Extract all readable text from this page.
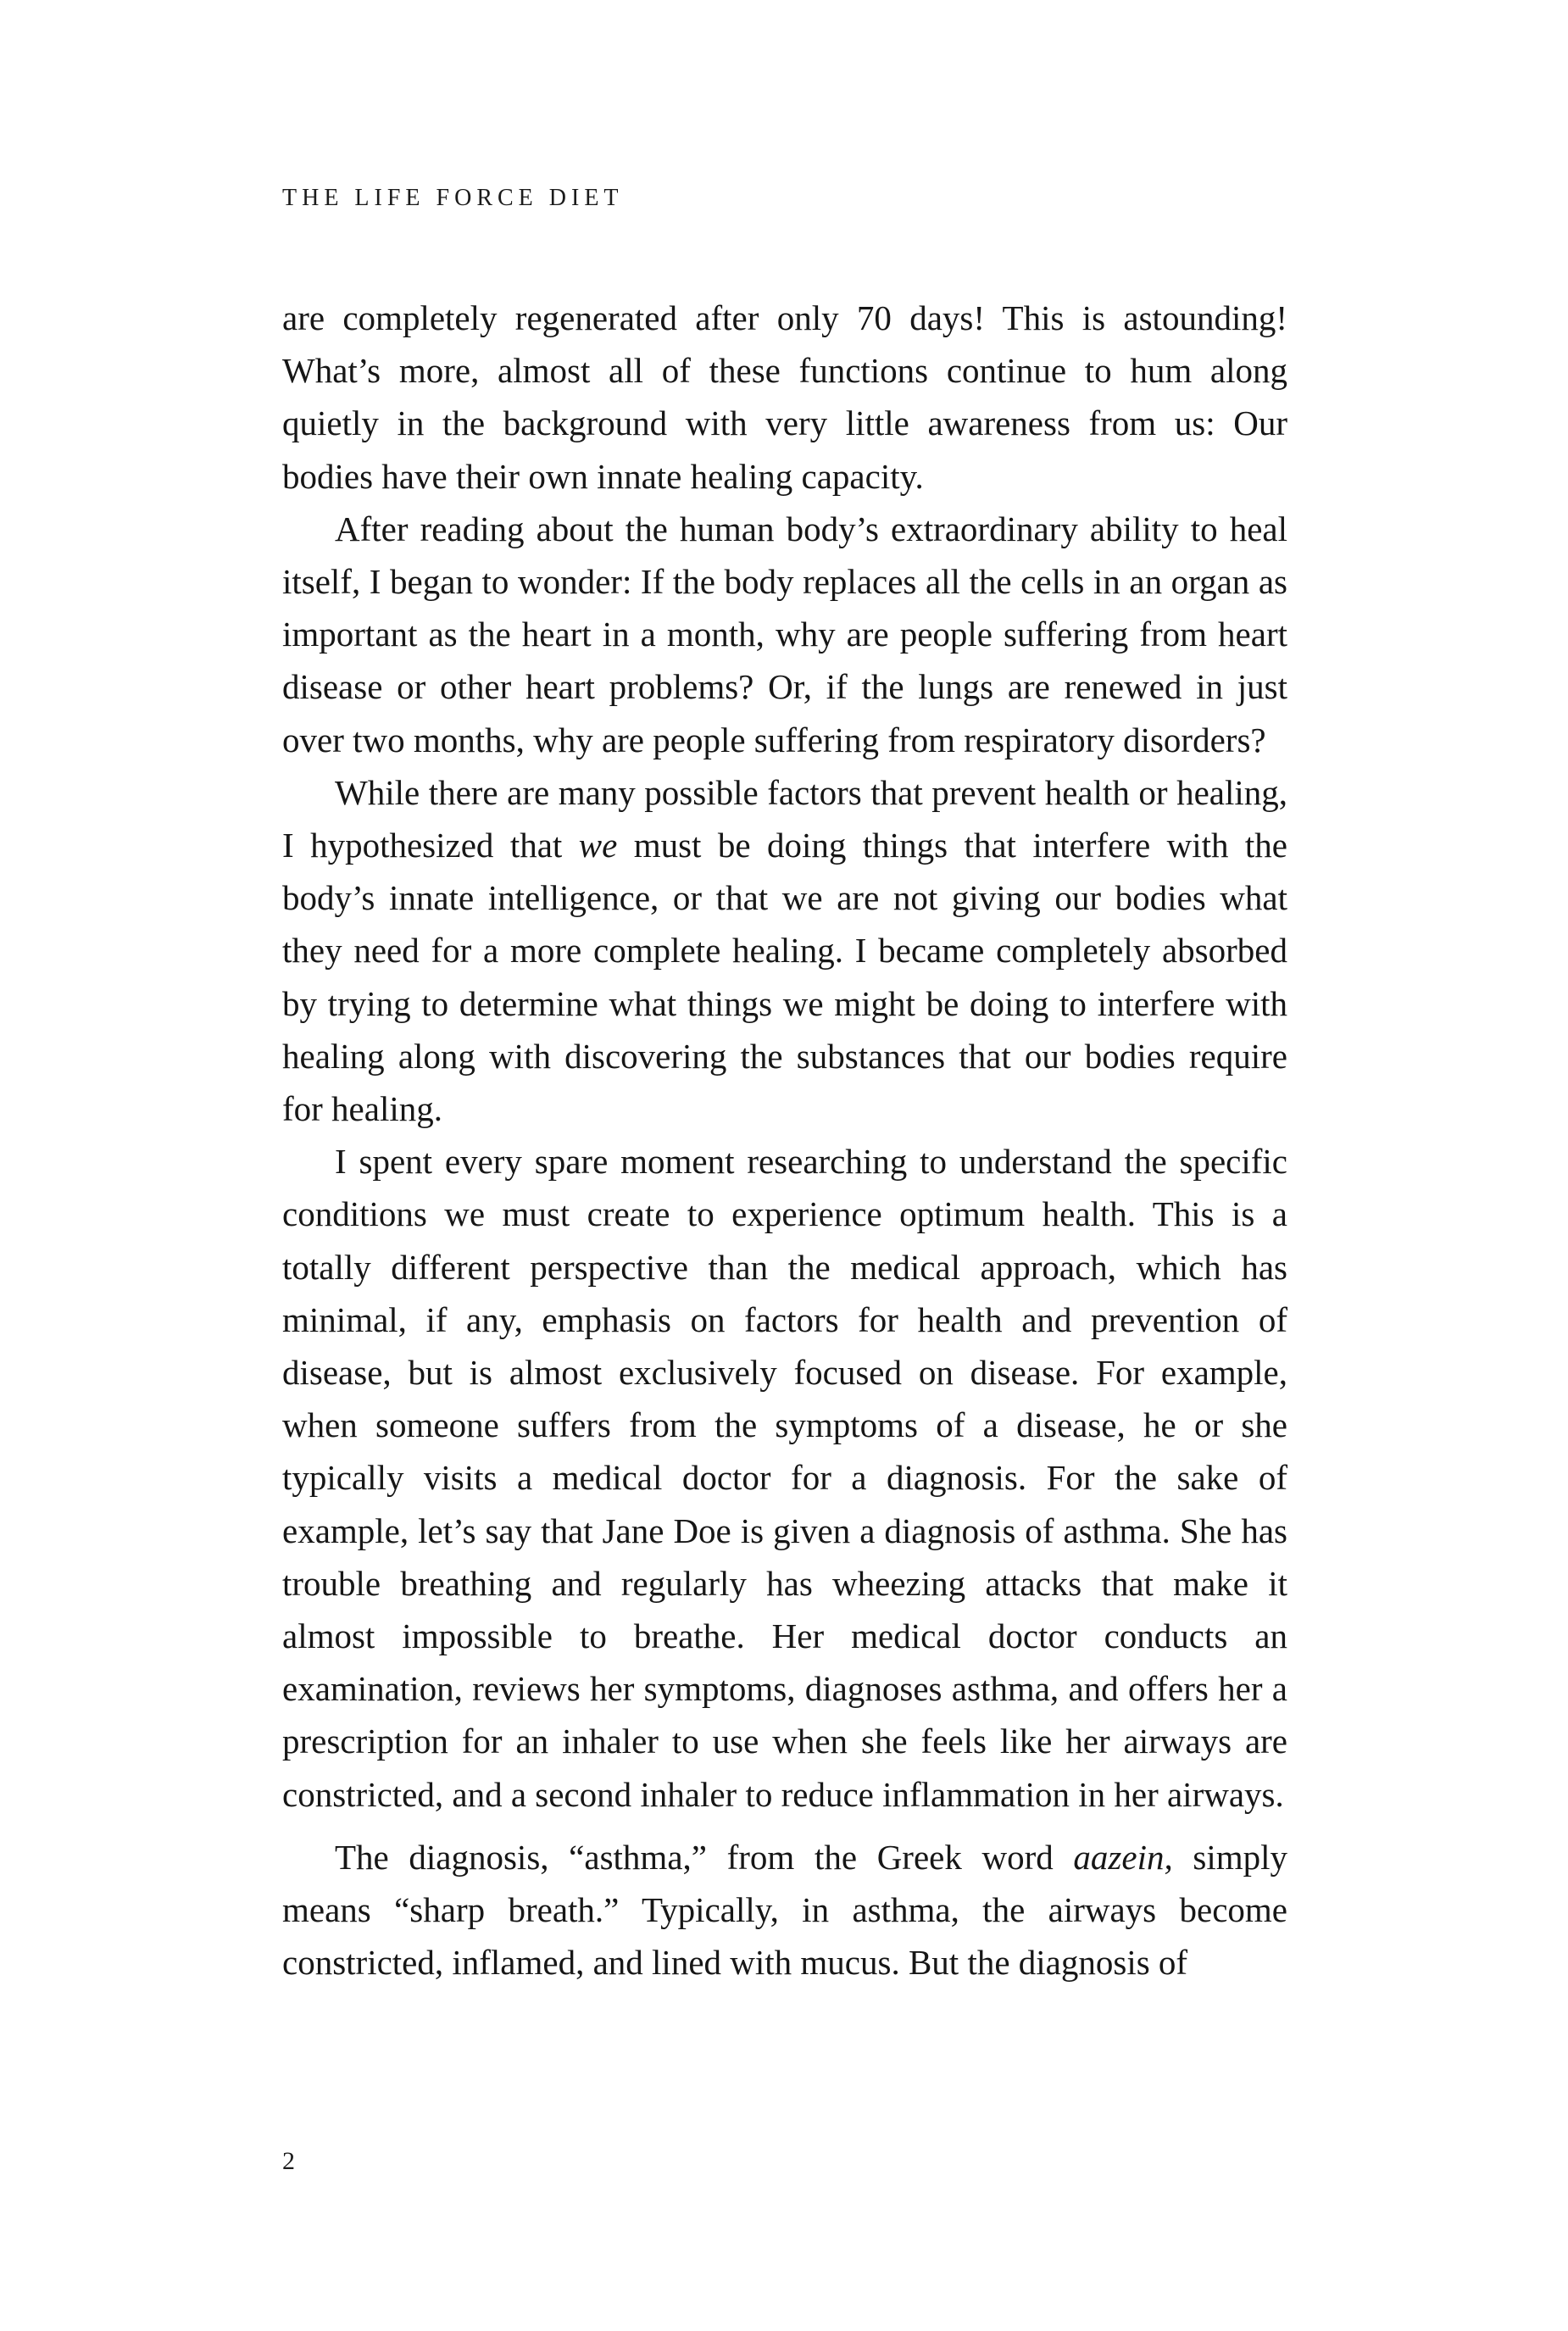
THE LIFE FORCE DIET

are completely regenerated after only 70 days! This is astounding! What’s more, almost all of these functions continue to hum along quietly in the background with very little awareness from us: Our bodies have their own innate healing capacity.

After reading about the human body’s extraordinary ability to heal itself, I began to wonder: If the body replaces all the cells in an organ as important as the heart in a month, why are people suffering from heart disease or other heart problems? Or, if the lungs are renewed in just over two months, why are people suffering from respiratory disorders?

While there are many possible factors that prevent health or healing, I hypothesized that we must be doing things that interfere with the body’s innate intelligence, or that we are not giving our bodies what they need for a more complete healing. I became completely absorbed by trying to determine what things we might be doing to interfere with healing along with discovering the substances that our bodies require for healing.

I spent every spare moment researching to understand the specific conditions we must create to experience optimum health. This is a totally different perspective than the medical approach, which has minimal, if any, emphasis on factors for health and prevention of disease, but is almost exclusively focused on disease. For example, when someone suffers from the symptoms of a disease, he or she typically visits a medical doctor for a diagnosis. For the sake of example, let’s say that Jane Doe is given a diagnosis of asthma. She has trouble breathing and regularly has wheezing attacks that make it almost impossible to breathe. Her medical doctor conducts an examination, reviews her symptoms, diagnoses asthma, and offers her a prescription for an inhaler to use when she feels like her airways are constricted, and a second inhaler to reduce inflammation in her airways.

The diagnosis, “asthma,” from the Greek word aazein, simply means “sharp breath.” Typically, in asthma, the airways become constricted, inflamed, and lined with mucus. But the diagnosis of

2
